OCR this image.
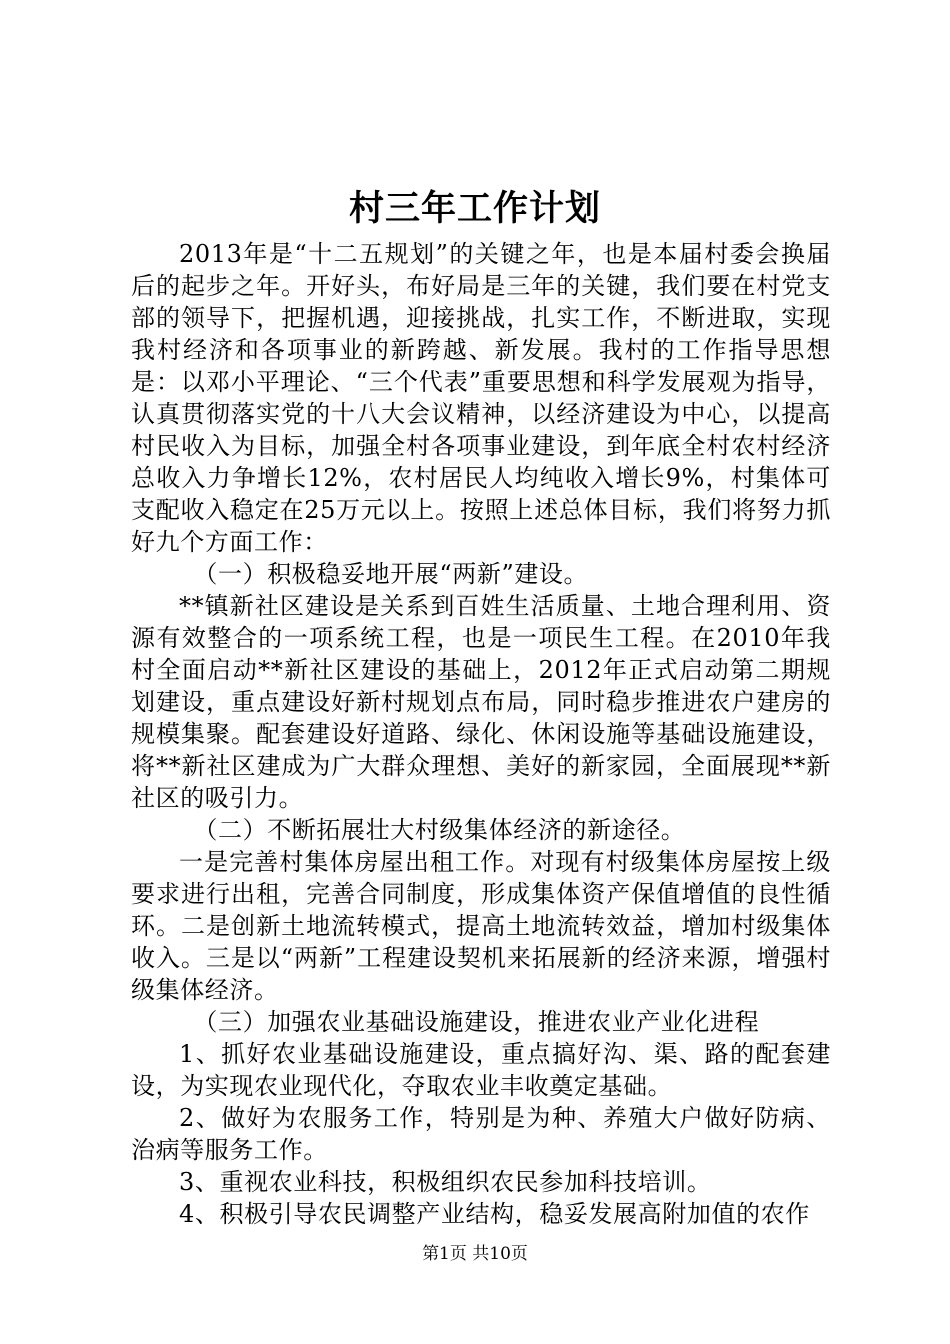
村三年工作计划

2013年是“十二五规划”的关键之年，也是本届村委会换届后的起步之年。开好头，布好局是三年的关键，我们要在村党支部的领导下，把握机遇，迎接挑战，扎实工作，不断进取，实现我村经济和各项事业的新跨越、新发展。我村的工作指导思想是：以邓小平理论、“三个代表”重要思想和科学发展观为指导，认真贯彻落实党的十八大会议精神，以经济建设为中心，以提高村民收入为目标，加强全村各项事业建设，到年底全村农村经济总收入力争增长12%，农村居民人均纯收入增长9%，村集体可支配收入稳定在25万元以上。按照上述总体目标，我们将努力抓好九个方面工作：

（一）积极稳妥地开展“两新”建设。

**镇新社区建设是关系到百姓生活质量、土地合理利用、资源有效整合的一项系统工程，也是一项民生工程。在2010年我村全面启动**新社区建设的基础上，2012年正式启动第二期规划建设，重点建设好新村规划点布局，同时稳步推进农户建房的规模集聚。配套建设好道路、绿化、休闲设施等基础设施建设，将**新社区建成为广大群众理想、美好的新家园，全面展现**新社区的吸引力。

（二）不断拓展壮大村级集体经济的新途径。

一是完善村集体房屋出租工作。对现有村级集体房屋按上级要求进行出租，完善合同制度，形成集体资产保值增值的良性循环。二是创新土地流转模式，提高土地流转效益，增加村级集体收入。三是以“两新”工程建设契机来拓展新的经济来源，增强村级集体经济。

（三）加强农业基础设施建设，推进农业产业化进程

1、抓好农业基础设施建设，重点搞好沟、渠、路的配套建设，为实现农业现代化，夺取农业丰收奠定基础。

2、做好为农服务工作，特别是为种、养殖大户做好防病、治病等服务工作。

3、重视农业科技，积极组织农民参加科技培训。

4、积极引导农民调整产业结构，稳妥发展高附加值的农作

第1页 共10页
